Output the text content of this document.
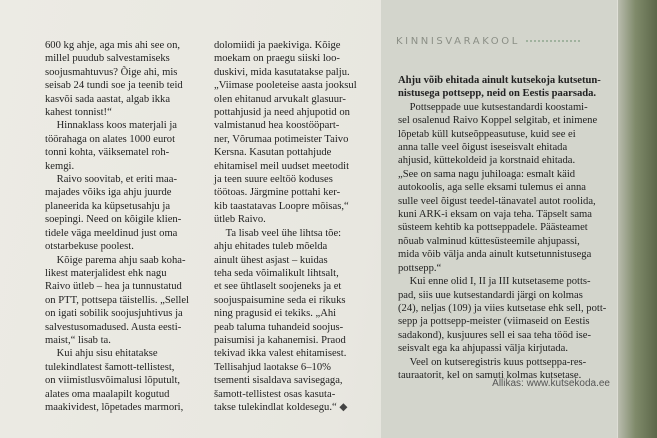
600 kg ahje, aga mis ahi see on,

millel puudub salvestamiseks

soojusmahtuvus? Õige ahi, mis

seisab 24 tundi soe ja teenib teid

kasvõi sada aastat, algab ikka

kahest tonnist!“

Hinnaklass koos materjali ja

töörahaga on alates 1000 eurot

tonni kohta, väiksematel roh-

kemgi.

Raivo soovitab, et eriti maa-

majades võiks iga ahju juurde

planeerida ka küpsetusahju ja

soepingi. Need on kõigile klien-

tidele väga meeldinud just oma

otstarbekuse poolest.

Kõige parema ahju saab koha-

likest materjalidest ehk nagu

Raivo ütleb – hea ja tunnustatud

on PTT, pottsepa täistellis. „Sellel

on igati sobilik soojusjuhtivus ja

salvestusomadused. Austa eesti-

maist,“ lisab ta.

Kui ahju sisu ehitatakse

tulekindlatest šamott-tellistest,

on viimistlusvõimalusi lõputult,

alates oma maalapilt kogutud

maakividest, lõpetades marmori,

dolomiidi ja paekiviga. Kõige

moekam on praegu siiski loo-

duskivi, mida kasutatakse palju.

„Viimase pooleteise aasta jooksul

olen ehitanud arvukalt glasuur-

pottahjusid ja need ahjupotid on

valmistanud hea koostööpart-

ner, Võrumaa potimeister Taivo

Kersna. Kasutan pottahjude

ehitamisel meil uudset meetodit

ja teen suure eeltöö koduses

töötoas. Järgmine pottahi ker-

kib taastatavas Loopre mõisas,“

ütleb Raivo.

Ta lisab veel ühe lihtsa tõe:

ahju ehitades tuleb mõelda

ainult ühest asjast – kuidas

teha seda võimalikult lihtsalt,

et see ühtlaselt soojeneks ja et

soojuspaisumine seda ei rikuks

ning pragusid ei tekiks. „Ahi

peab taluma tuhandeid soojus-

paisumisi ja kahanemisi. Praod

tekivad ikka valest ehitamisest.

Tellisahjud laotakse 6–10%

tsementi sisaldava savisegaga,

šamott-tellistest osas kasuta-

takse tulekindlat koldesegu.“ ◆

KINNISVARAKOOL

Ahju võib ehitada ainult kutsekoja kutsetun-

nistusega pottsepp, neid on Eestis paarsada.

Pottseppade uue kutsestandardi koostami-

sel osalenud Raivo Koppel selgitab, et inimene

lõpetab küll kutseõppeasutuse, kuid see ei

anna talle veel õigust iseseisvalt ehitada

ahjusid, küttekoldeid ja korstnaid ehitada.

„See on sama nagu juhiloaga: esmalt käid

autokoolis, aga selle eksami tulemus ei anna

sulle veel õigust teedel-tänavatel autot roolida,

kuni ARK-i eksam on vaja teha. Täpselt sama

süsteem kehtib ka pottseppadele. Päästeamet

nõuab valminud küttesüsteemile ahjupassi,

mida võib välja anda ainult kutsetunnistusega

pottsepp.“

Kui enne olid I, II ja III kutsetaseme potts-

pad, siis uue kutsestandardi järgi on kolmas

(24), neljas (109) ja viies kutsetase ehk sell, pott-

sepp ja pottsepp-meister (viimaseid on Eestis

sadakond), kusjuures sell ei saa teha tööd ise-

seisvalt ega ka ahjupassi välja kirjutada.

Veel on kutseregistris kuus pottseppa-res-

tauraatorit, kel on samuti kolmas kutsetase.

Allikas: www.kutsekoda.ee
